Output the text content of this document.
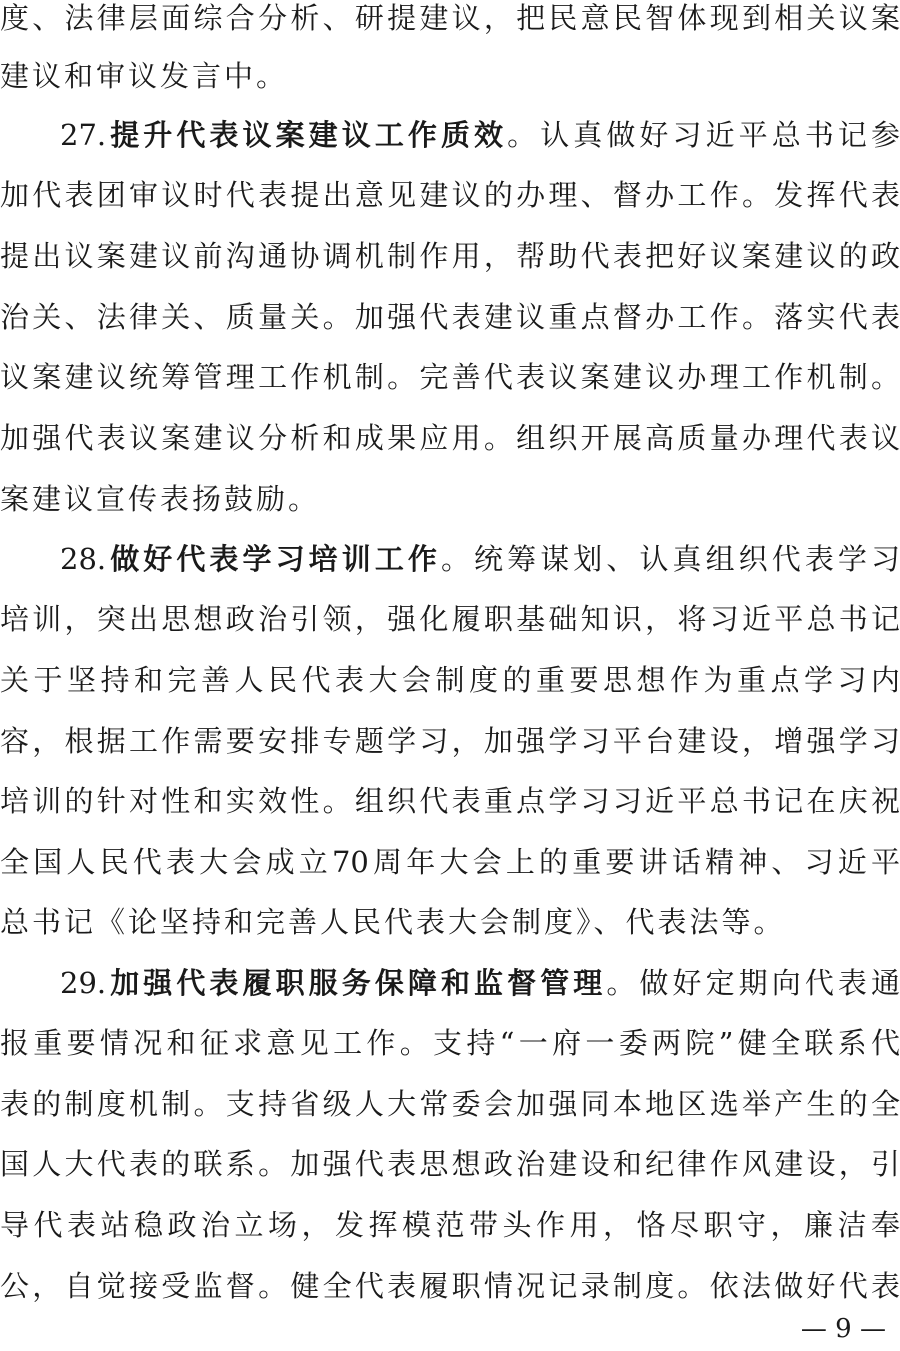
度、法律层面综合分析、研提建议，把民意民智体现到相关议案
建议和审议发言中。
27.提升代表议案建议工作质效。认真做好习近平总书记参
加代表团审议时代表提出意见建议的办理、督办工作。发挥代表
提出议案建议前沟通协调机制作用，帮助代表把好议案建议的政
治关、法律关、质量关。加强代表建议重点督办工作。落实代表
议案建议统筹管理工作机制。完善代表议案建议办理工作机制。
加强代表议案建议分析和成果应用。组织开展高质量办理代表议
案建议宣传表扬鼓励。
28.做好代表学习培训工作。统筹谋划、认真组织代表学习
培训，突出思想政治引领，强化履职基础知识，将习近平总书记
关于坚持和完善人民代表大会制度的重要思想作为重点学习内
容，根据工作需要安排专题学习，加强学习平台建设，增强学习
培训的针对性和实效性。组织代表重点学习习近平总书记在庆祝
全国人民代表大会成立70周年大会上的重要讲话精神、习近平
总书记《论坚持和完善人民代表大会制度》、代表法等。
29.加强代表履职服务保障和监督管理。做好定期向代表通
报重要情况和征求意见工作。支持“一府一委两院”健全联系代
表的制度机制。支持省级人大常委会加强同本地区选举产生的全
国人大代表的联系。加强代表思想政治建设和纪律作风建设，引
导代表站稳政治立场，发挥模范带头作用，恪尽职守，廉洁奉
公，自觉接受监督。健全代表履职情况记录制度。依法做好代表
— 9 —
